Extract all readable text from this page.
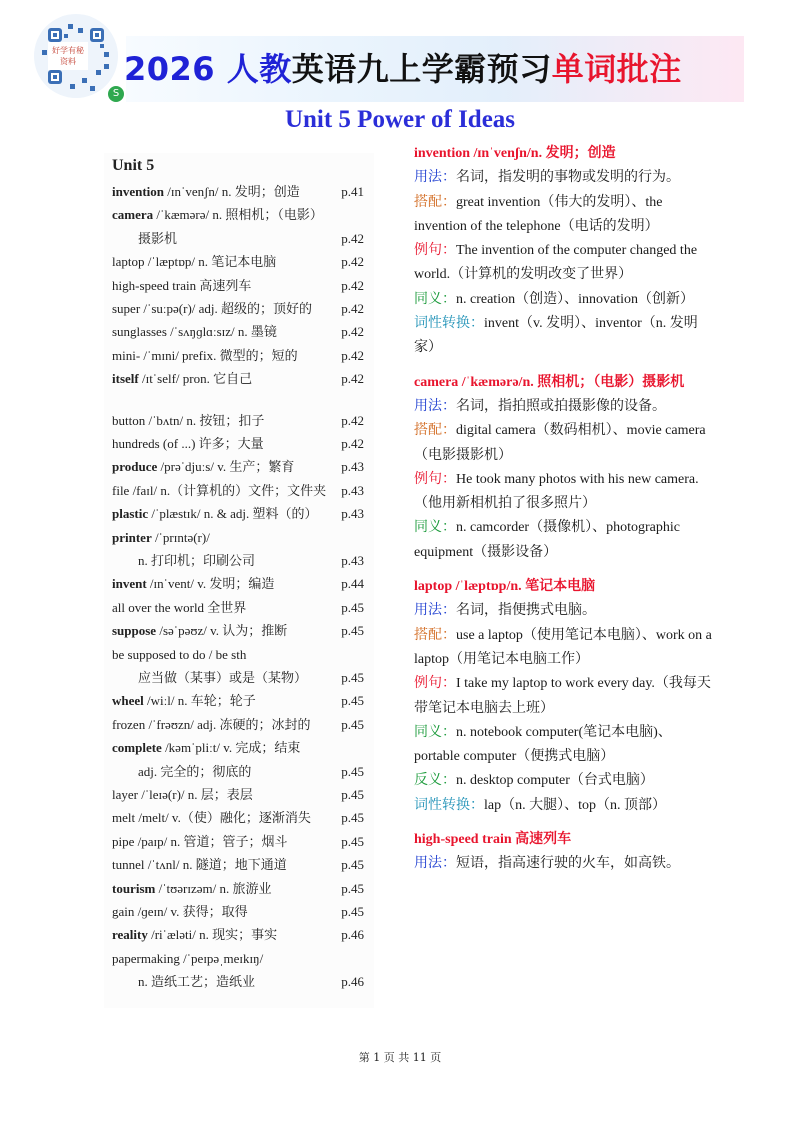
好学有秘
资料
S
2026 人教英语九上学霸预习单词批注
Unit 5 Power of Ideas
Unit 5
invention /ɪnˈvenʃn/ n. 发明；创造	p.41
camera /ˈkæmərə/ n. 照相机；（电影）
摄影机	p.42
laptop /ˈlæptɒp/ n. 笔记本电脑	p.42
high-speed train 高速列车	p.42
super /ˈsuːpə(r)/ adj. 超级的；顶好的 p.42
sunglasses /ˈsʌŋɡlɑːsɪz/ n. 墨镜	p.42
mini- /ˈmɪni/ prefix. 微型的；短的	p.42
itself /ɪtˈself/ pron. 它自己	p.42
button /ˈbʌtn/ n. 按钮；扣子	p.42
hundreds (of ...) 许多；大量	p.42
produce /prəˈdjuːs/ v. 生产；繁育	p.43
file /faɪl/ n.（计算机的）文件；文件夹 p.43
plastic /ˈplæstɪk/ n. & adj. 塑料（的） p.43
printer /ˈprɪntə(r)/
n. 打印机；印刷公司	p.43
invent /ɪnˈvent/ v. 发明；编造	p.44
all over the world 全世界	p.45
suppose /səˈpəʊz/ v. 认为；推断	p.45
be supposed to do / be sth
应当做（某事）或是（某物）	p.45
wheel /wiːl/ n. 车轮；轮子	p.45
frozen /ˈfrəʊzn/ adj. 冻硬的；冰封的 p.45
complete /kəmˈpliːt/ v. 完成；结束
adj. 完全的；彻底的	p.45
layer /ˈleɪə(r)/ n. 层；表层	p.45
melt /melt/ v.（使）融化；逐渐消失 p.45
pipe /paɪp/ n. 管道；管子；烟斗	p.45
tunnel /ˈtʌnl/ n. 隧道；地下通道	p.45
tourism /ˈtʊərɪzəm/ n. 旅游业	p.45
gain /ɡeɪn/ v. 获得；取得	p.45
reality /riˈæləti/ n. 现实；事实	p.46
papermaking /ˈpeɪpəˌmeɪkɪŋ/
n. 造纸工艺；造纸业	p.46
invention /ɪnˈvenʃn/n. 发明；创造
用法：名词，指发明的事物或发明的行为。
搭配：great invention（伟大的发明）、the invention of the telephone（电话的发明）
例句：The invention of the computer changed the world.（计算机的发明改变了世界）
同义：n. creation（创造）、innovation（创新）
词性转换：invent（v. 发明）、inventor（n. 发明家）
camera /ˈkæmərə/n. 照相机；（电影）摄影机
用法：名词，指拍照或拍摄影像的设备。
搭配：digital camera（数码相机）、movie camera（电影摄影机）
例句：He took many photos with his new camera.（他用新相机拍了很多照片）
同义：n. camcorder（摄像机）、photographic equipment（摄影设备）
laptop /ˈlæptɒp/n. 笔记本电脑
用法：名词，指便携式电脑。
搭配：use a laptop（使用笔记本电脑）、work on a laptop（用笔记本电脑工作）
例句：I take my laptop to work every day.（我每天带笔记本电脑去上班）
同义：n. notebook computer(笔记本电脑)、portable computer（便携式电脑）
反义：n. desktop computer（台式电脑）
词性转换：lap（n. 大腿）、top（n. 顶部）
high-speed train 高速列车
用法：短语，指高速行驶的火车，如高铁。
第 1 页 共 11 页
